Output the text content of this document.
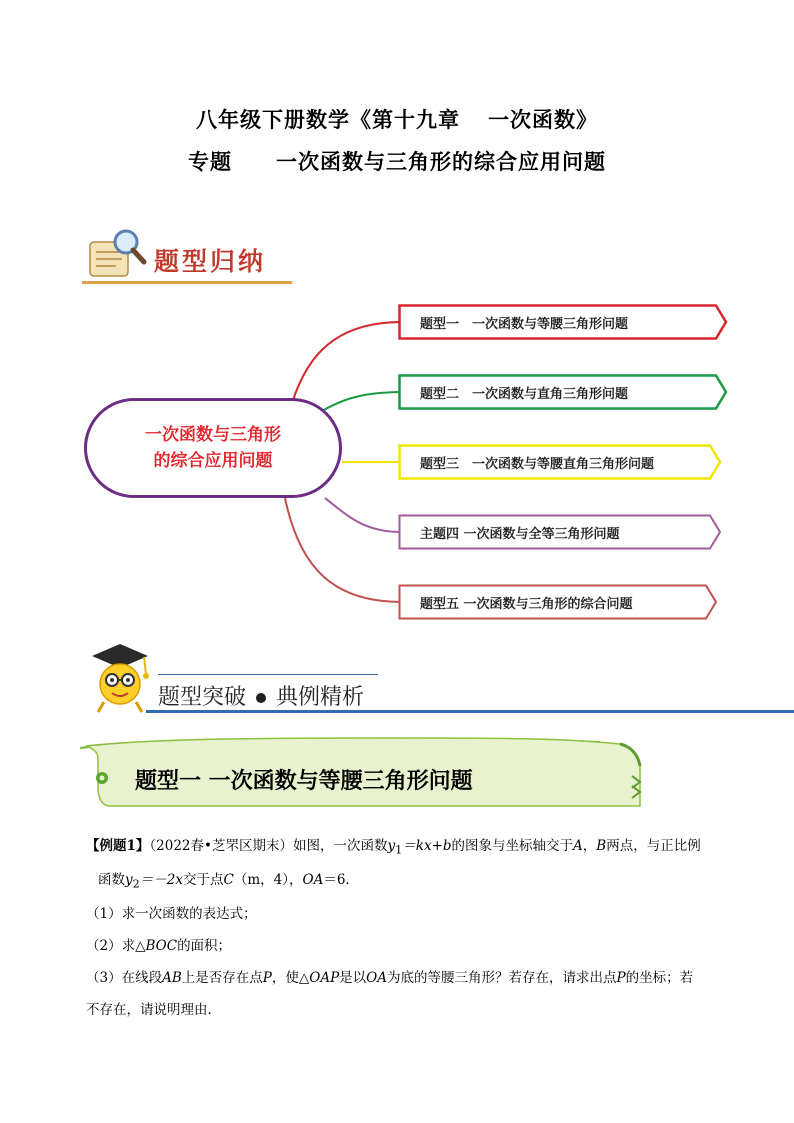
八年级下册数学《第十九章 一次函数》
专题 一次函数与三角形的综合应用问题
题型归纳
一次函数与三角形
的综合应用问题
题型一　一次函数与等腰三角形问题
题型二　一次函数与直角三角形问题
题型三　一次函数与等腰直角三角形问题
主题四 一次函数与全等三角形问题
题型五 一次函数与三角形的综合问题
题型突破 典例精析
题型一 一次函数与等腰三角形问题
【例题1】（2022春•芝罘区期末）如图，一次函数$y_1=kx+b$的图象与坐标轴交于A，B两点，与正比例
函数$y_2=-2x$交于点C（m，4），OA＝6．
（1）求一次函数的表达式；
（2）求△BOC的面积；
（3）在线段AB上是否存在点P，使△OAP是以OA为底的等腰三角形？若存在，请求出点P的坐标；若
不存在，请说明理由．
